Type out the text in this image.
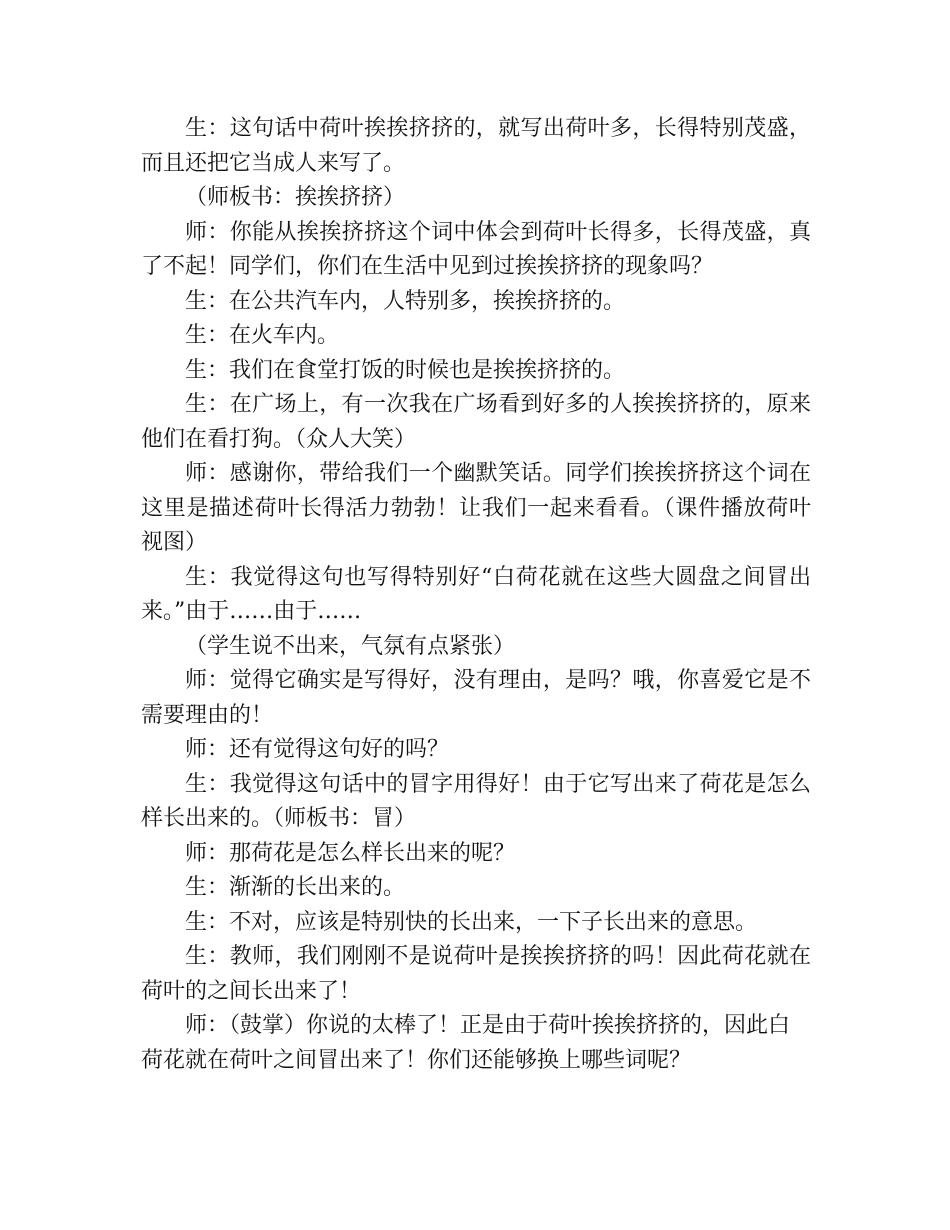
生：这句话中荷叶挨挨挤挤的，就写出荷叶多，长得特别茂盛，而且还把它当成人来写了。

（师板书：挨挨挤挤）

师：你能从挨挨挤挤这个词中体会到荷叶长得多，长得茂盛，真了不起！同学们，你们在生活中见到过挨挨挤挤的现象吗？

生：在公共汽车内，人特别多，挨挨挤挤的。

生：在火车内。

生：我们在食堂打饭的时候也是挨挨挤挤的。

生：在广场上，有一次我在广场看到好多的人挨挨挤挤的，原来他们在看打狗。（众人大笑）

师：感谢你，带给我们一个幽默笑话。同学们挨挨挤挤这个词在这里是描述荷叶长得活力勃勃！让我们一起来看看。（课件播放荷叶视图）

生：我觉得这句也写得特别好“白荷花就在这些大圆盘之间冒出来。”由于……由于……

（学生说不出来，气氛有点紧张）

师：觉得它确实是写得好，没有理由，是吗？哦，你喜爱它是不需要理由的！

师：还有觉得这句好的吗？

生：我觉得这句话中的冒字用得好！由于它写出来了荷花是怎么样长出来的。（师板书：冒）

师：那荷花是怎么样长出来的呢？

生：渐渐的长出来的。

生：不对，应该是特别快的长出来，一下子长出来的意思。

生：教师，我们刚刚不是说荷叶是挨挨挤挤的吗！因此荷花就在荷叶的之间长出来了！

师：（鼓掌）你说的太棒了！正是由于荷叶挨挨挤挤的，因此白荷花就在荷叶之间冒出来了！你们还能够换上哪些词呢？
